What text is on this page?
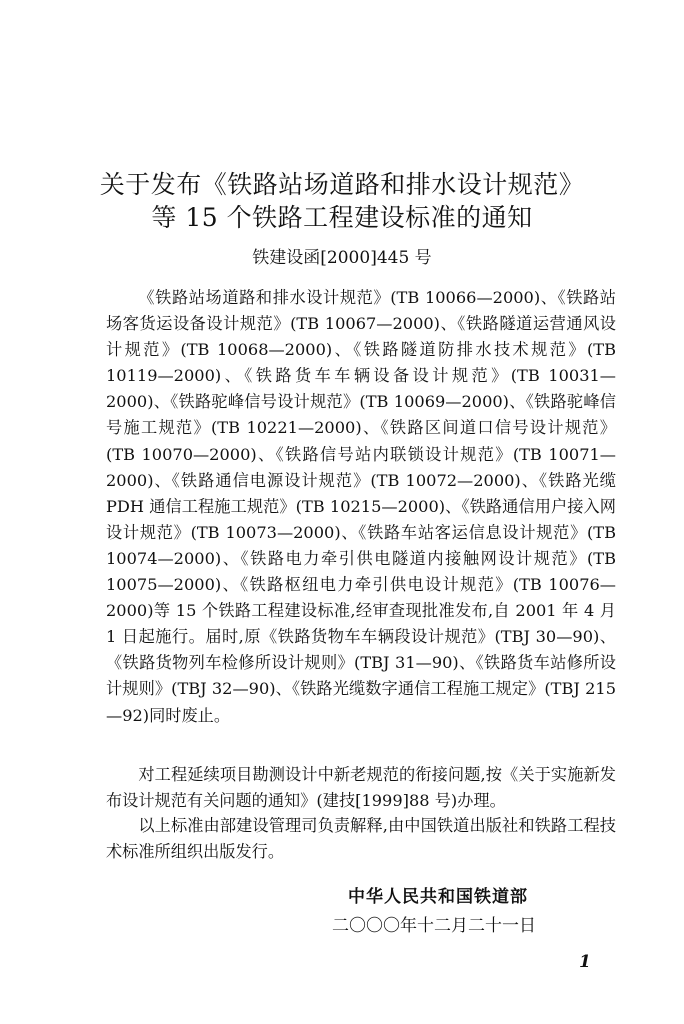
关于发布《铁路站场道路和排水设计规范》
等 15 个铁路工程建设标准的通知
铁建设函[2000]445 号

《铁路站场道路和排水设计规范》(TB 10066—2000)、《铁路站场客货运设备设计规范》(TB 10067—2000)、《铁路隧道运营通风设计规范》(TB 10068—2000)、《铁路隧道防排水技术规范》(TB 10119—2000)、《铁路货车车辆设备设计规范》(TB 10031—2000)、《铁路驼峰信号设计规范》(TB 10069—2000)、《铁路驼峰信号施工规范》(TB 10221—2000)、《铁路区间道口信号设计规范》(TB 10070—2000)、《铁路信号站内联锁设计规范》(TB 10071—2000)、《铁路通信电源设计规范》(TB 10072—2000)、《铁路光缆 PDH 通信工程施工规范》(TB 10215—2000)、《铁路通信用户接入网设计规范》(TB 10073—2000)、《铁路车站客运信息设计规范》(TB 10074—2000)、《铁路电力牵引供电隧道内接触网设计规范》(TB 10075—2000)、《铁路枢纽电力牵引供电设计规范》(TB 10076—2000)等 15 个铁路工程建设标准,经审查现批准发布,自 2001 年 4 月 1 日起施行。届时,原《铁路货物车车辆段设计规范》(TBJ 30—90)、《铁路货物列车检修所设计规则》(TBJ 31—90)、《铁路货车站修所设计规则》(TBJ 32—90)、《铁路光缆数字通信工程施工规定》(TBJ 215—92)同时废止。

对工程延续项目勘测设计中新老规范的衔接问题,按《关于实施新发布设计规范有关问题的通知》(建技[1999]88 号)办理。

以上标准由部建设管理司负责解释,由中国铁道出版社和铁路工程技术标准所组织出版发行。

中华人民共和国铁道部
二〇〇〇年十二月二十一日
1
